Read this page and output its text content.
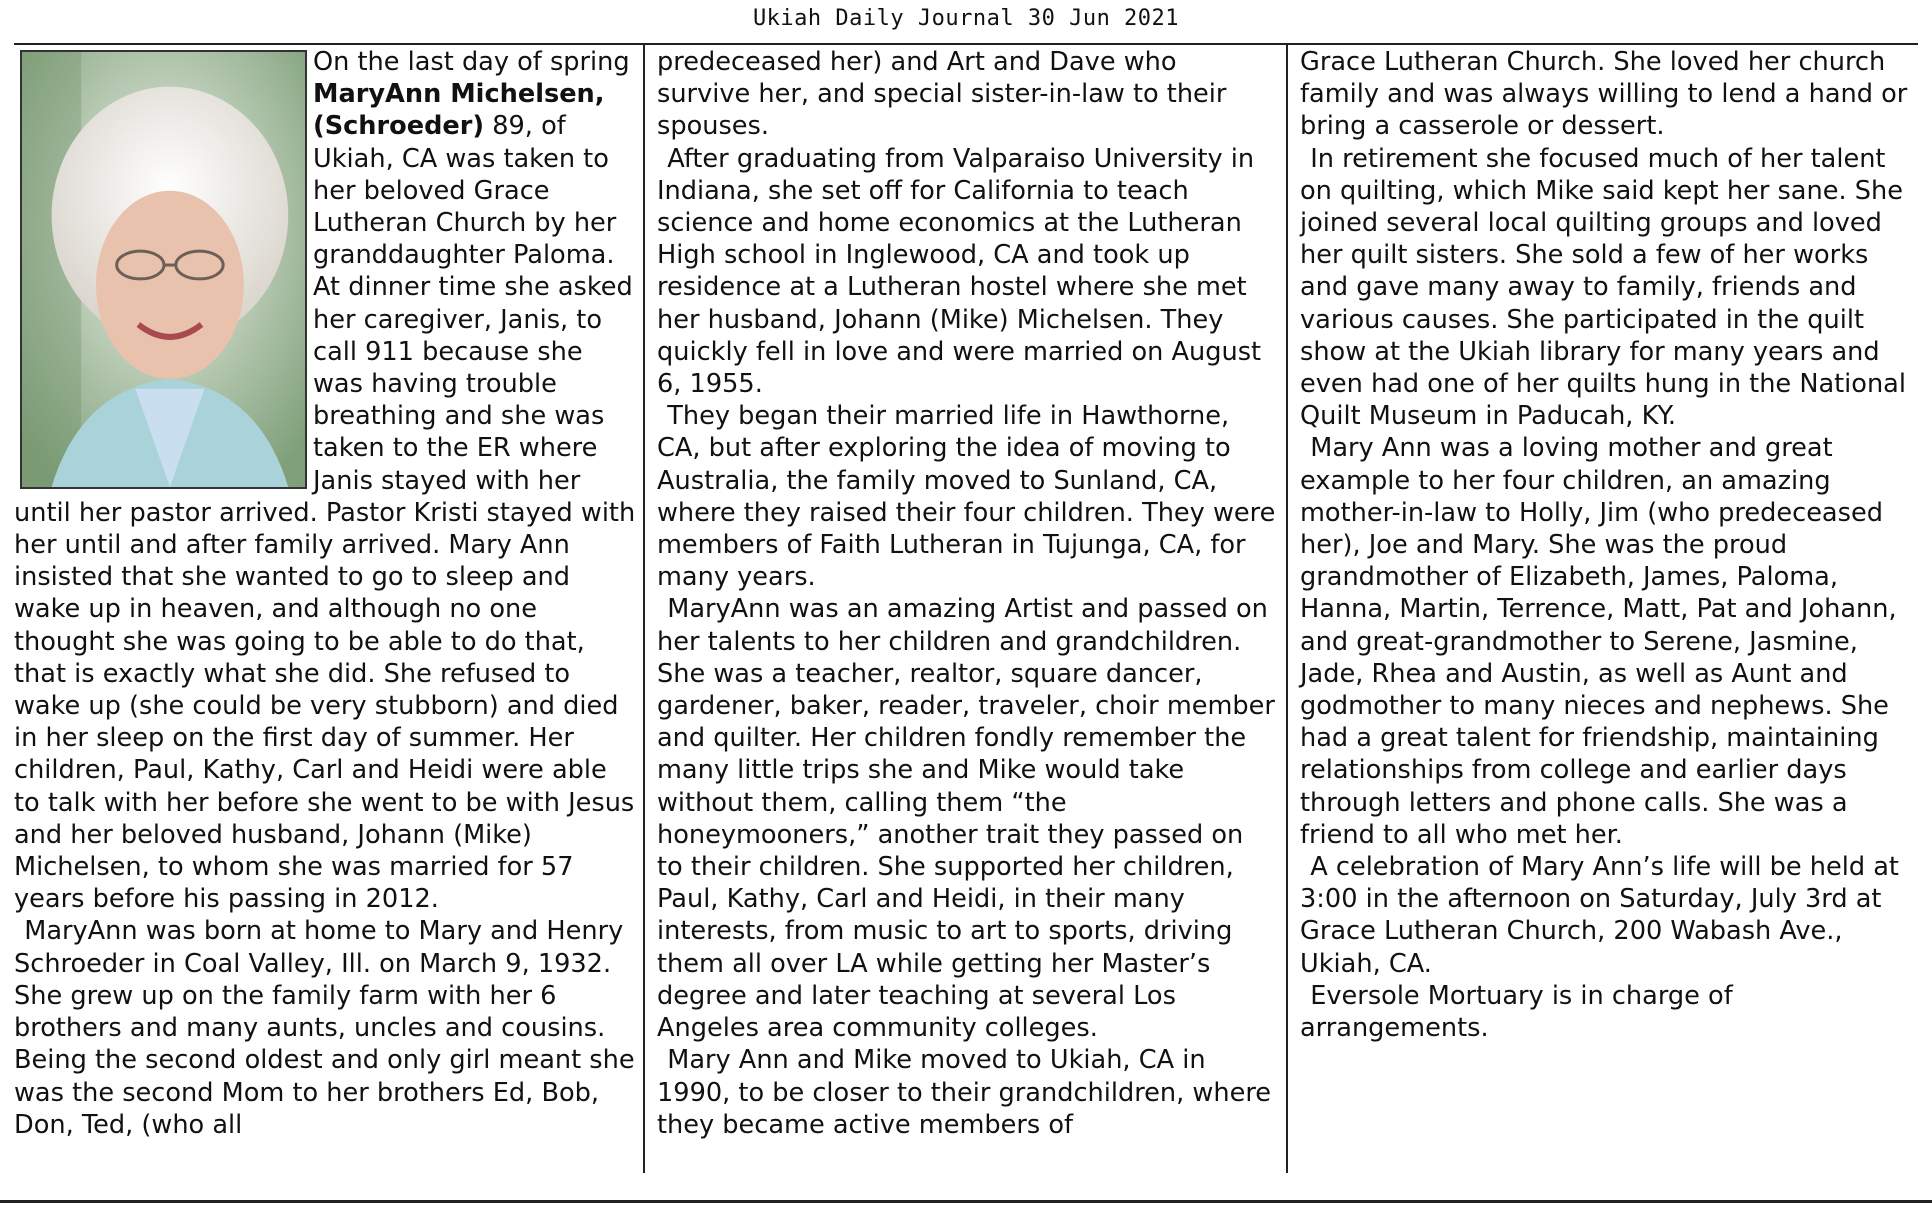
Ukiah Daily Journal 30 Jun 2021

On the last day of spring MaryAnn Michelsen, (Schroeder) 89, of Ukiah, CA was taken to her beloved Grace Lutheran Church by her granddaughter Paloma. At dinner time she asked her caregiver, Janis, to call 911 because she was having trouble breathing and she was taken to the ER where Janis stayed with her until her pastor arrived. Pastor Kristi stayed with her until and after family arrived. Mary Ann insisted that she wanted to go to sleep and wake up in heaven, and although no one thought she was going to be able to do that, that is exactly what she did. She refused to wake up (she could be very stubborn) and died in her sleep on the first day of summer. Her children, Paul, Kathy, Carl and Heidi were able to talk with her before she went to be with Jesus and her beloved husband, Johann (Mike) Michelsen, to whom she was married for 57 years before his passing in 2012.

MaryAnn was born at home to Mary and Henry Schroeder in Coal Valley, Ill. on March 9, 1932. She grew up on the family farm with her 6 brothers and many aunts, uncles and cousins. Being the second oldest and only girl meant she was the second Mom to her brothers Ed, Bob, Don, Ted, (who all

predeceased her) and Art and Dave who survive her, and special sister-in-law to their spouses.

After graduating from Valparaiso University in Indiana, she set off for California to teach science and home economics at the Lutheran High school in Inglewood, CA and took up residence at a Lutheran hostel where she met her husband, Johann (Mike) Michelsen. They quickly fell in love and were married on August 6, 1955.

They began their married life in Hawthorne, CA, but after exploring the idea of moving to Australia, the family moved to Sunland, CA, where they raised their four children. They were members of Faith Lutheran in Tujunga, CA, for many years.

MaryAnn was an amazing Artist and passed on her talents to her children and grandchildren. She was a teacher, realtor, square dancer, gardener, baker, reader, traveler, choir member and quilter. Her children fondly remember the many little trips she and Mike would take without them, calling them “the honeymooners,” another trait they passed on to their children. She supported her children, Paul, Kathy, Carl and Heidi, in their many interests, from music to art to sports, driving them all over LA while getting her Master’s degree and later teaching at several Los Angeles area community colleges.

Mary Ann and Mike moved to Ukiah, CA in 1990, to be closer to their grandchildren, where they became active members of

Grace Lutheran Church. She loved her church family and was always willing to lend a hand or bring a casserole or dessert.

In retirement she focused much of her talent on quilting, which Mike said kept her sane. She joined several local quilting groups and loved her quilt sisters. She sold a few of her works and gave many away to family, friends and various causes. She participated in the quilt show at the Ukiah library for many years and even had one of her quilts hung in the National Quilt Museum in Paducah, KY.

Mary Ann was a loving mother and great example to her four children, an amazing mother-in-law to Holly, Jim (who predeceased her), Joe and Mary. She was the proud grandmother of Elizabeth, James, Paloma, Hanna, Martin, Terrence, Matt, Pat and Johann, and great-grandmother to Serene, Jasmine, Jade, Rhea and Austin, as well as Aunt and godmother to many nieces and nephews. She had a great talent for friendship, maintaining relationships from college and earlier days through letters and phone calls. She was a friend to all who met her.

A celebration of Mary Ann’s life will be held at 3:00 in the afternoon on Saturday, July 3rd at Grace Lutheran Church, 200 Wabash Ave., Ukiah, CA.

Eversole Mortuary is in charge of arrangements.
